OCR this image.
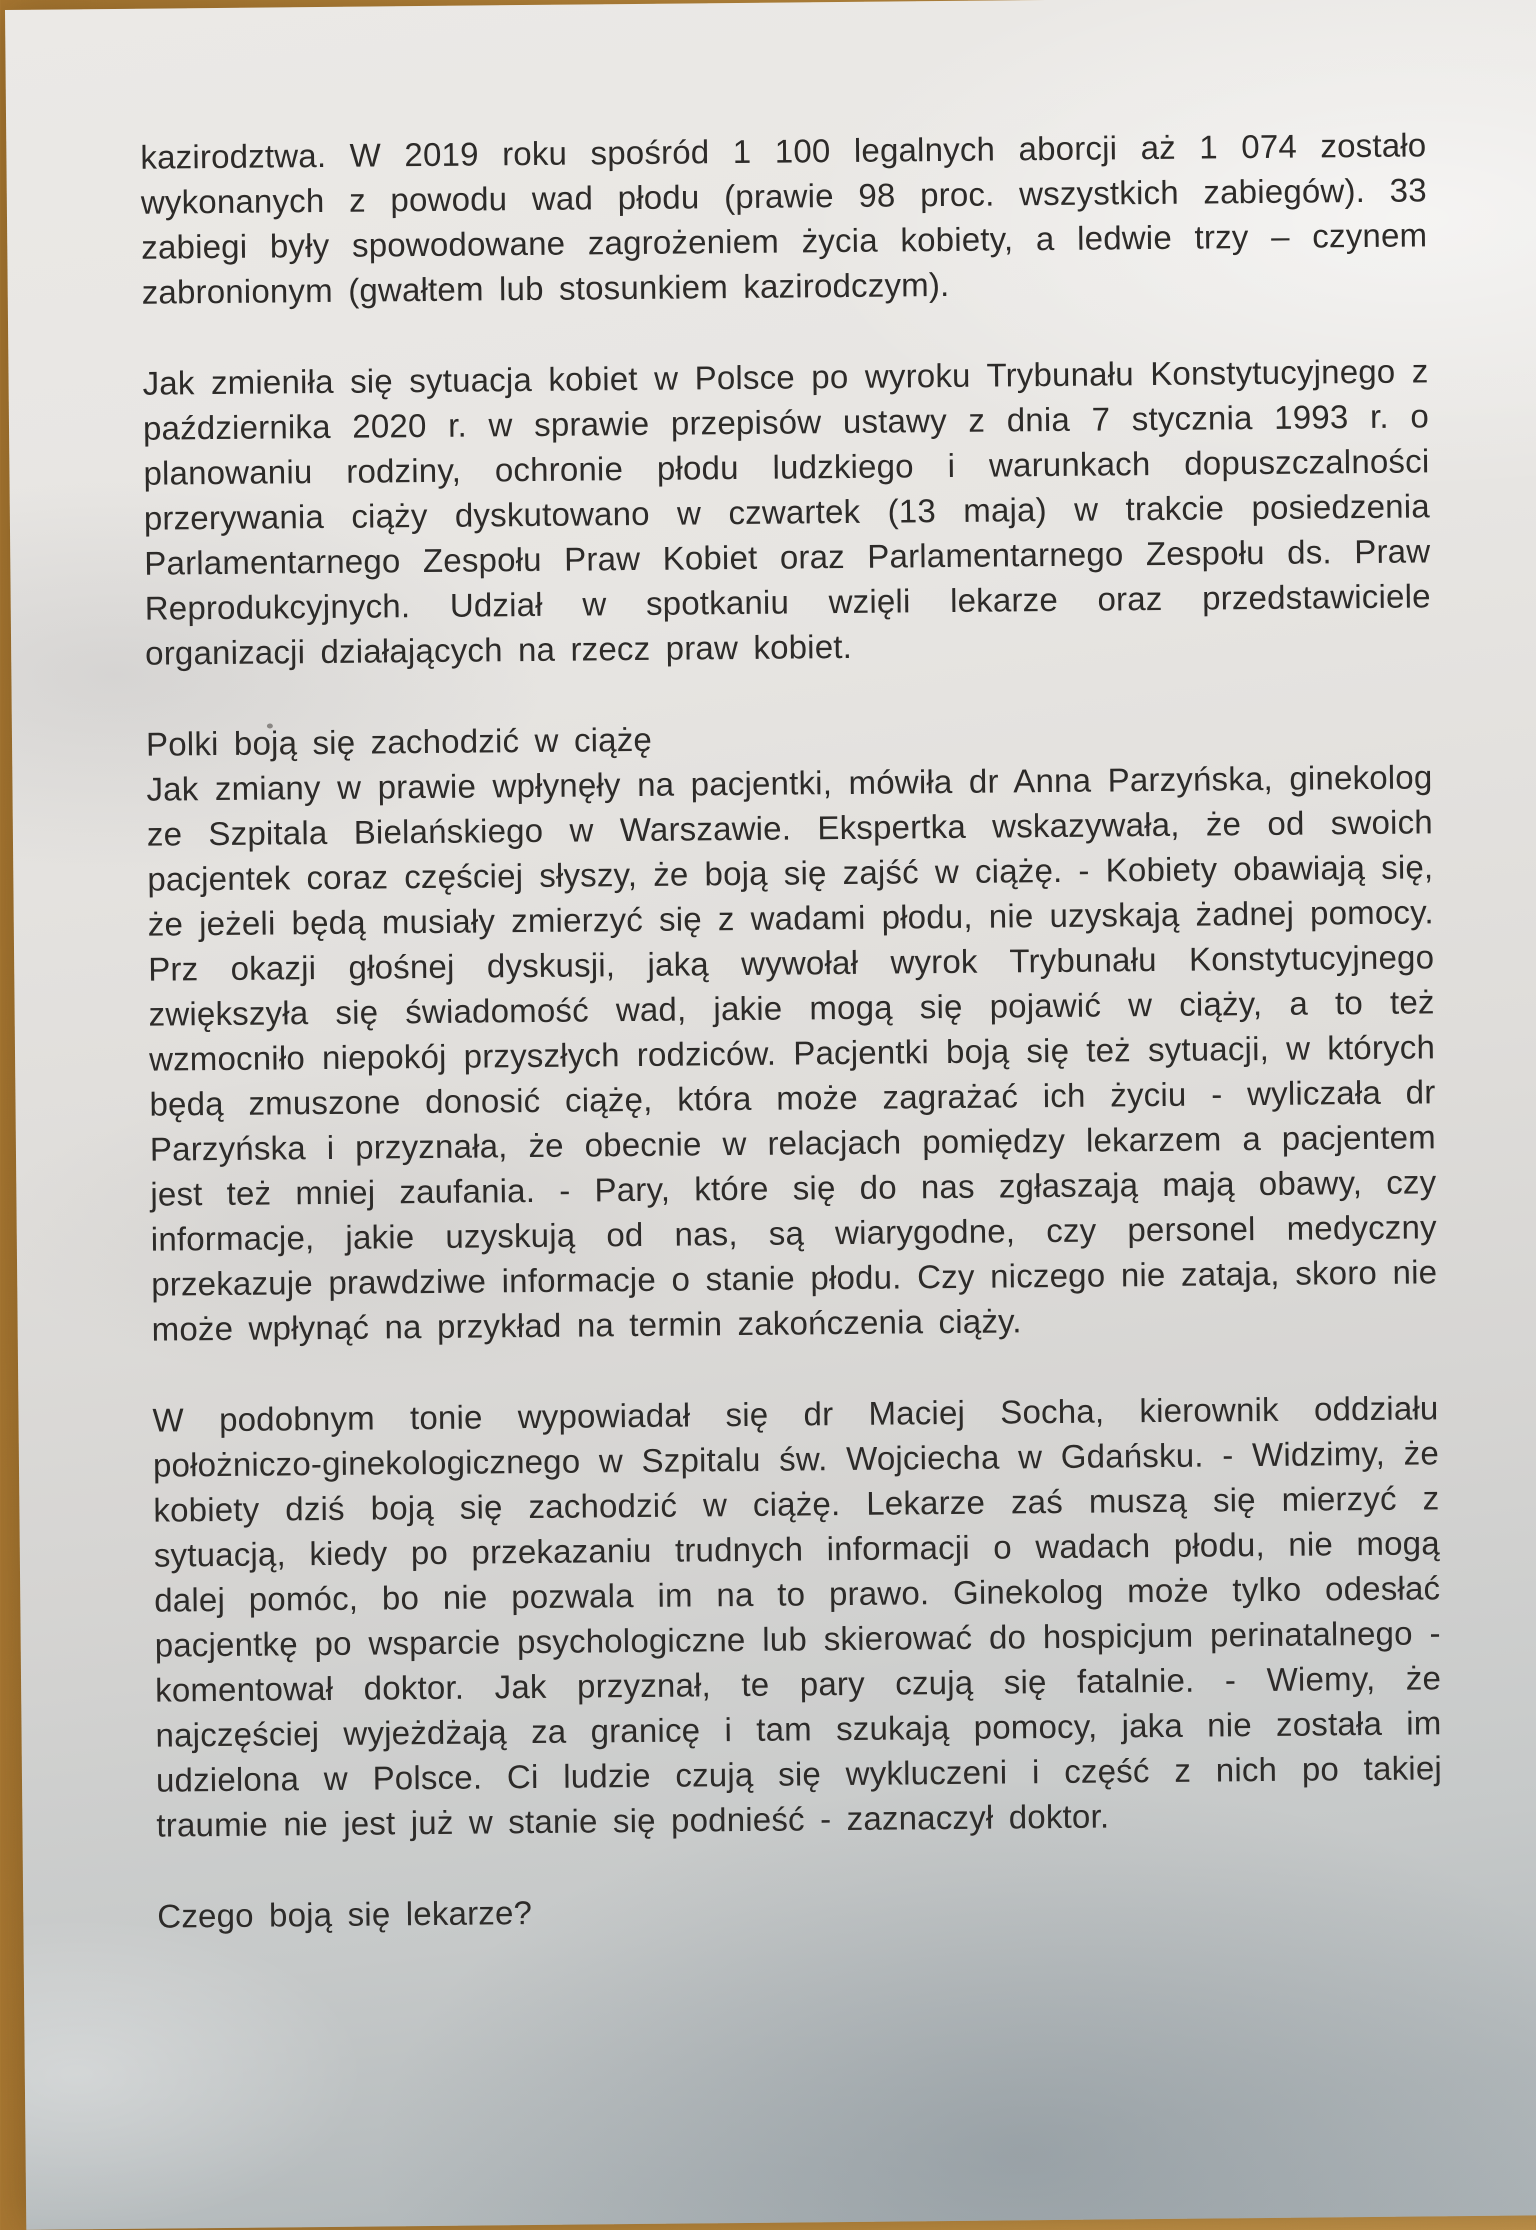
kazirodztwa. W 2019 roku spośród 1 100 legalnych aborcji aż 1 074 zostało wykonanych z powodu wad płodu (prawie 98 proc. wszystkich zabiegów). 33 zabiegi były spowodowane zagrożeniem życia kobiety, a ledwie trzy – czynem zabronionym (gwałtem lub stosunkiem kazirodczym).

Jak zmieniła się sytuacja kobiet w Polsce po wyroku Trybunału Konstytucyjnego z października 2020 r. w sprawie przepisów ustawy z dnia 7 stycznia 1993 r. o planowaniu rodziny, ochronie płodu ludzkiego i warunkach dopuszczalności przerywania ciąży dyskutowano w czwartek (13 maja) w trakcie posiedzenia Parlamentarnego Zespołu Praw Kobiet oraz Parlamentarnego Zespołu ds. Praw Reprodukcyjnych. Udział w spotkaniu wzięli lekarze oraz przedstawiciele organizacji działających na rzecz praw kobiet.

Polki boją się zachodzić w ciążę

Jak zmiany w prawie wpłynęły na pacjentki, mówiła dr Anna Parzyńska, ginekolog ze Szpitala Bielańskiego w Warszawie. Ekspertka wskazywała, że od swoich pacjentek coraz częściej słyszy, że boją się zajść w ciążę. - Kobiety obawiają się, że jeżeli będą musiały zmierzyć się z wadami płodu, nie uzyskają żadnej pomocy. Prz okazji głośnej dyskusji, jaką wywołał wyrok Trybunału Konstytucyjnego zwiększyła się świadomość wad, jakie mogą się pojawić w ciąży, a to też wzmocniło niepokój przyszłych rodziców. Pacjentki boją się też sytuacji, w których będą zmuszone donosić ciążę, która może zagrażać ich życiu - wyliczała dr Parzyńska i przyznała, że obecnie w relacjach pomiędzy lekarzem a pacjentem jest też mniej zaufania. - Pary, które się do nas zgłaszają mają obawy, czy informacje, jakie uzyskują od nas, są wiarygodne, czy personel medyczny przekazuje prawdziwe informacje o stanie płodu. Czy niczego nie zataja, skoro nie może wpłynąć na przykład na termin zakończenia ciąży.

W podobnym tonie wypowiadał się dr Maciej Socha, kierownik oddziału położniczo-ginekologicznego w Szpitalu św. Wojciecha w Gdańsku. - Widzimy, że kobiety dziś boją się zachodzić w ciążę. Lekarze zaś muszą się mierzyć z sytuacją, kiedy po przekazaniu trudnych informacji o wadach płodu, nie mogą dalej pomóc, bo nie pozwala im na to prawo. Ginekolog może tylko odesłać pacjentkę po wsparcie psychologiczne lub skierować do hospicjum perinatalnego - komentował doktor. Jak przyznał, te pary czują się fatalnie. - Wiemy, że najczęściej wyjeżdżają za granicę i tam szukają pomocy, jaka nie została im udzielona w Polsce. Ci ludzie czują się wykluczeni i część z nich po takiej traumie nie jest już w stanie się podnieść - zaznaczył doktor.

Czego boją się lekarze?
